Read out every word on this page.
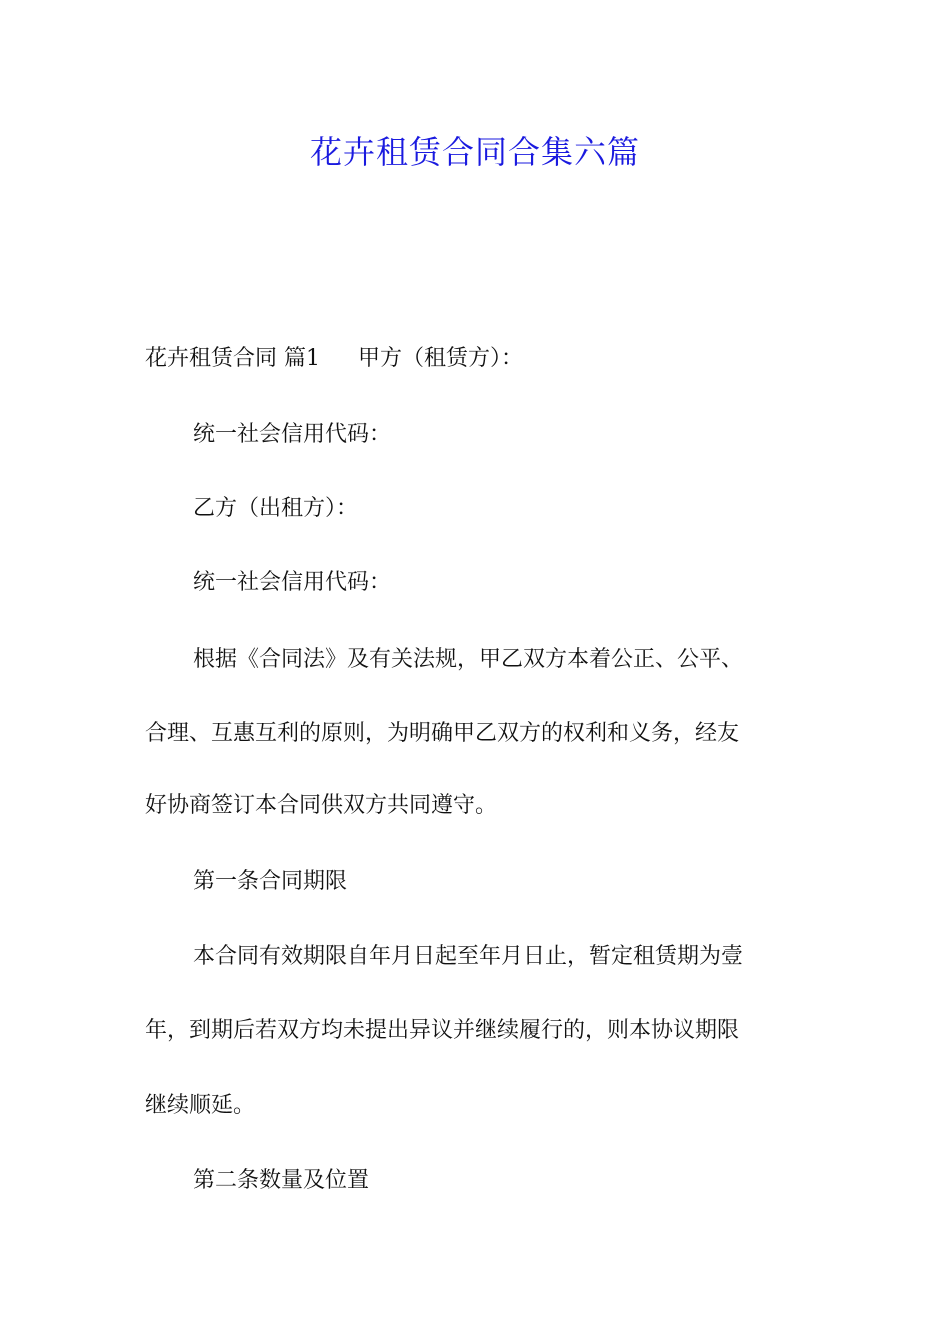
花卉租赁合同合集六篇

花卉租赁合同 篇1 甲方（租赁方）：

统一社会信用代码：

乙方（出租方）：

统一社会信用代码：

根据《合同法》及有关法规，甲乙双方本着公正、公平、

合理、互惠互利的原则，为明确甲乙双方的权利和义务，经友

好协商签订本合同供双方共同遵守。

第一条合同期限

本合同有效期限自年月日起至年月日止，暂定租赁期为壹

年，到期后若双方均未提出异议并继续履行的，则本协议期限

继续顺延。

第二条数量及位置
